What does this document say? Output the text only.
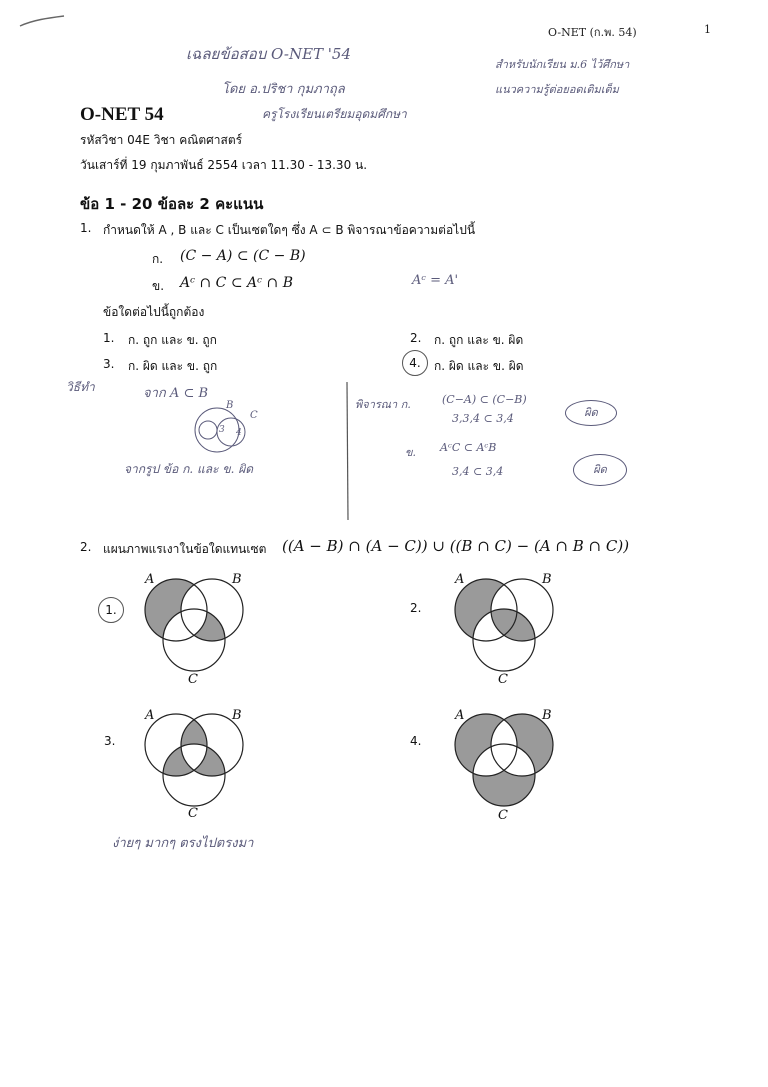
O-NET (ก.พ. 54)	1
เฉลยข้อสอบ O-NET '54
โดย อ.ปริชา กุมภาถุล
ครูโรงเรียนเตรียมอุดมศึกษา
สำหรับนักเรียน ม.6 ไว้ศึกษา
แนวความรู้ต่อยอดเติมเต็ม
O-NET 54
รหัสวิชา 04E วิชา คณิตศาสตร์
วันเสาร์ที่ 19 กุมภาพันธ์ 2554 เวลา 11.30 - 13.30 น.
ข้อ 1 - 20 ข้อละ 2 คะแนน
1. กำหนดให้ A , B และ C เป็นเซตใดๆ ซึ่ง A ⊂ B พิจารณาข้อความต่อไปนี้
ก. (C − A) ⊂ (C − B)
ข. Aᶜ ∩ C ⊂ Aᶜ ∩ B	Aᶜ = A'
ข้อใดต่อไปนี้ถูกต้อง
1. ก. ถูก และ ข. ถูก	2. ก. ถูก และ ข. ผิด
3. ก. ผิด และ ข. ถูก	4.	ก. ผิด และ ข. ผิด
วิธีทำ	จาก A ⊂ B
B
C
3 4
จากรูป ข้อ ก. และ ข. ผิด
พิจารณา ก.	(C−A) ⊂ (C−B)
3,3,4 ⊂ 3,4	ผิด
ข. AᶜC ⊂ AᶜB
3,4 ⊂ 3,4	ผิด
2. แผนภาพแรเงาในข้อใดแทนเซต ((A − B) ∩ (A − C)) ∪ ((B ∩ C) − (A ∩ B ∩ C))
A	B
C
1.
A	B
C
2.
A	B
C
3.
A	B
C
4.
ง่ายๆ มากๆ ตรงไปตรงมา
